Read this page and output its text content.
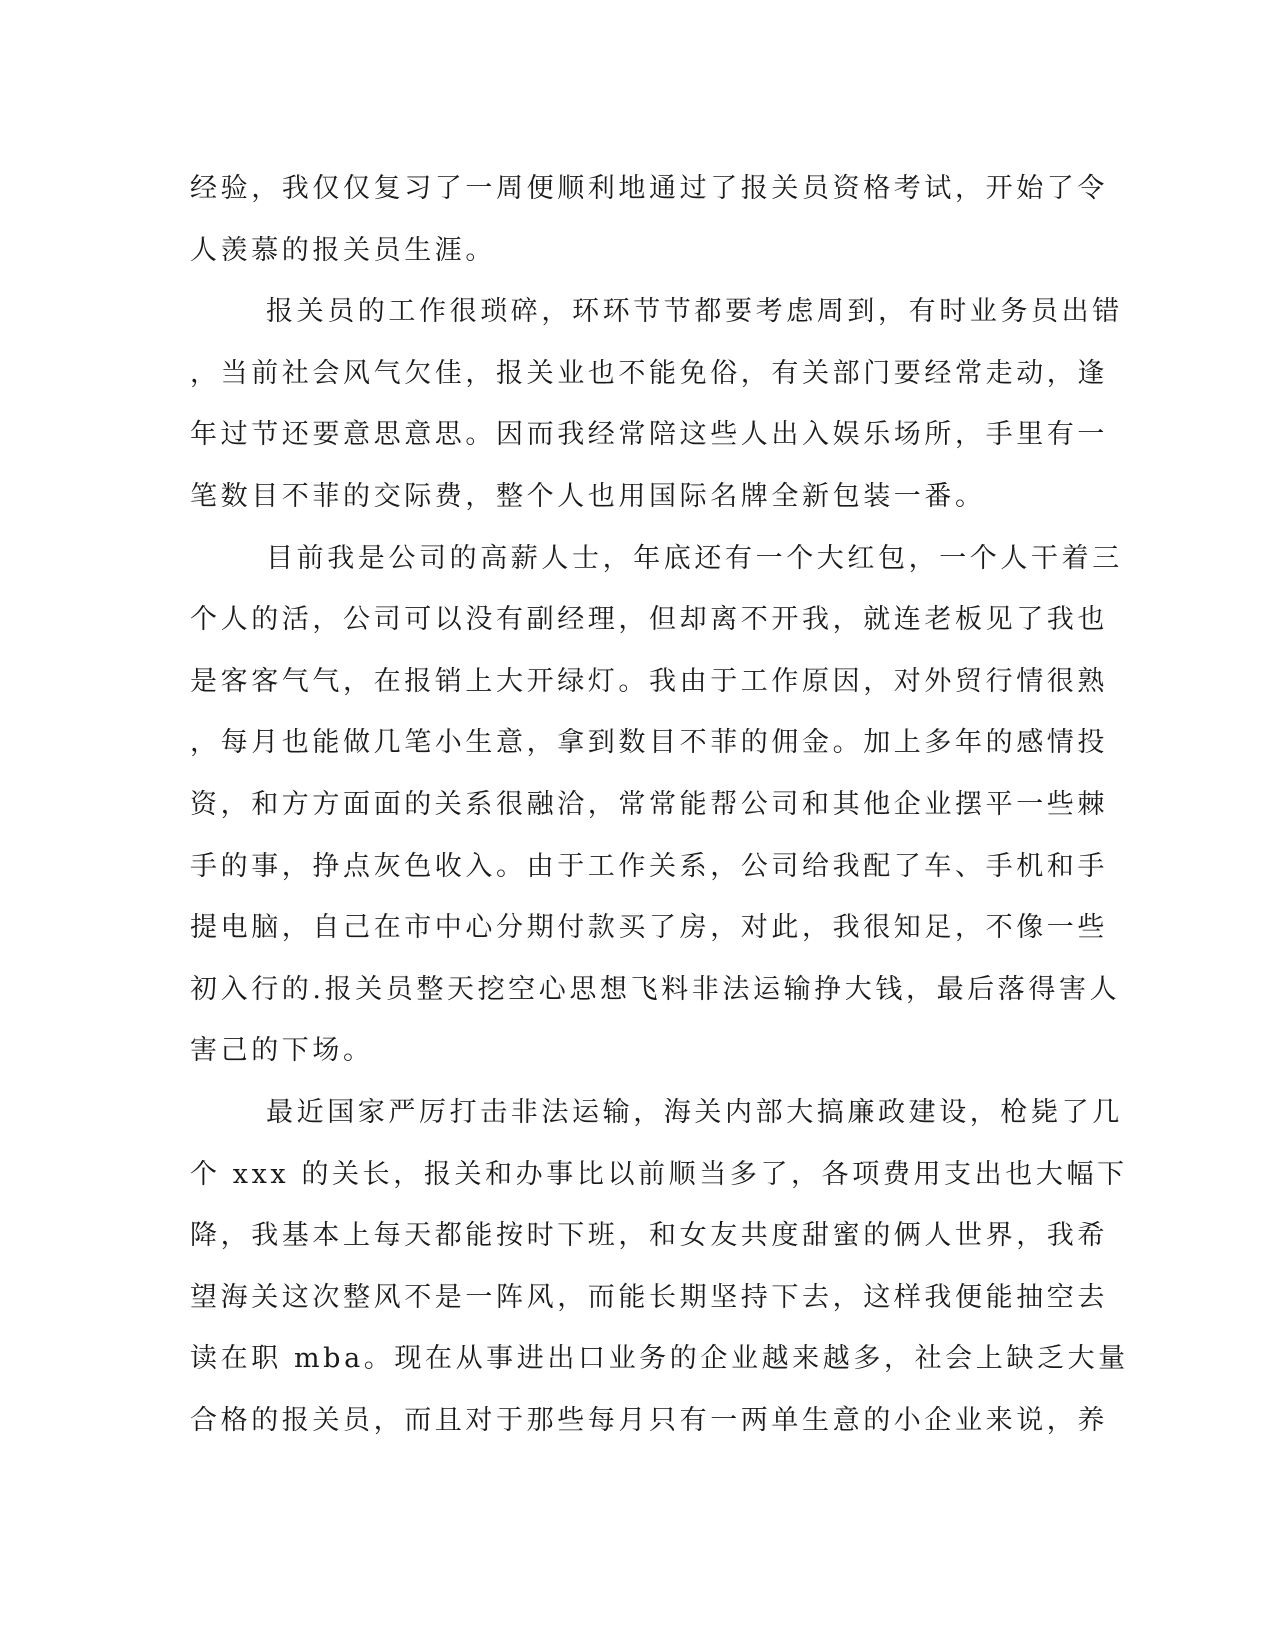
经验，我仅仅复习了一周便顺利地通过了报关员资格考试，开始了令
人羡慕的报关员生涯。
报关员的工作很琐碎，环环节节都要考虑周到，有时业务员出错
，当前社会风气欠佳，报关业也不能免俗，有关部门要经常走动，逢
年过节还要意思意思。因而我经常陪这些人出入娱乐场所，手里有一
笔数目不菲的交际费，整个人也用国际名牌全新包装一番。
目前我是公司的高薪人士，年底还有一个大红包，一个人干着三
个人的活，公司可以没有副经理，但却离不开我，就连老板见了我也
是客客气气，在报销上大开绿灯。我由于工作原因，对外贸行情很熟
，每月也能做几笔小生意，拿到数目不菲的佣金。加上多年的感情投
资，和方方面面的关系很融洽，常常能帮公司和其他企业摆平一些棘
手的事，挣点灰色收入。由于工作关系，公司给我配了车、手机和手
提电脑，自己在市中心分期付款买了房，对此，我很知足，不像一些
初入行的.报关员整天挖空心思想飞料非法运输挣大钱，最后落得害人
害己的下场。
最近国家严厉打击非法运输，海关内部大搞廉政建设，枪毙了几
个 xxx 的关长，报关和办事比以前顺当多了，各项费用支出也大幅下
降，我基本上每天都能按时下班，和女友共度甜蜜的俩人世界，我希
望海关这次整风不是一阵风，而能长期坚持下去，这样我便能抽空去
读在职 mba。现在从事进出口业务的企业越来越多，社会上缺乏大量
合格的报关员，而且对于那些每月只有一两单生意的小企业来说，养
